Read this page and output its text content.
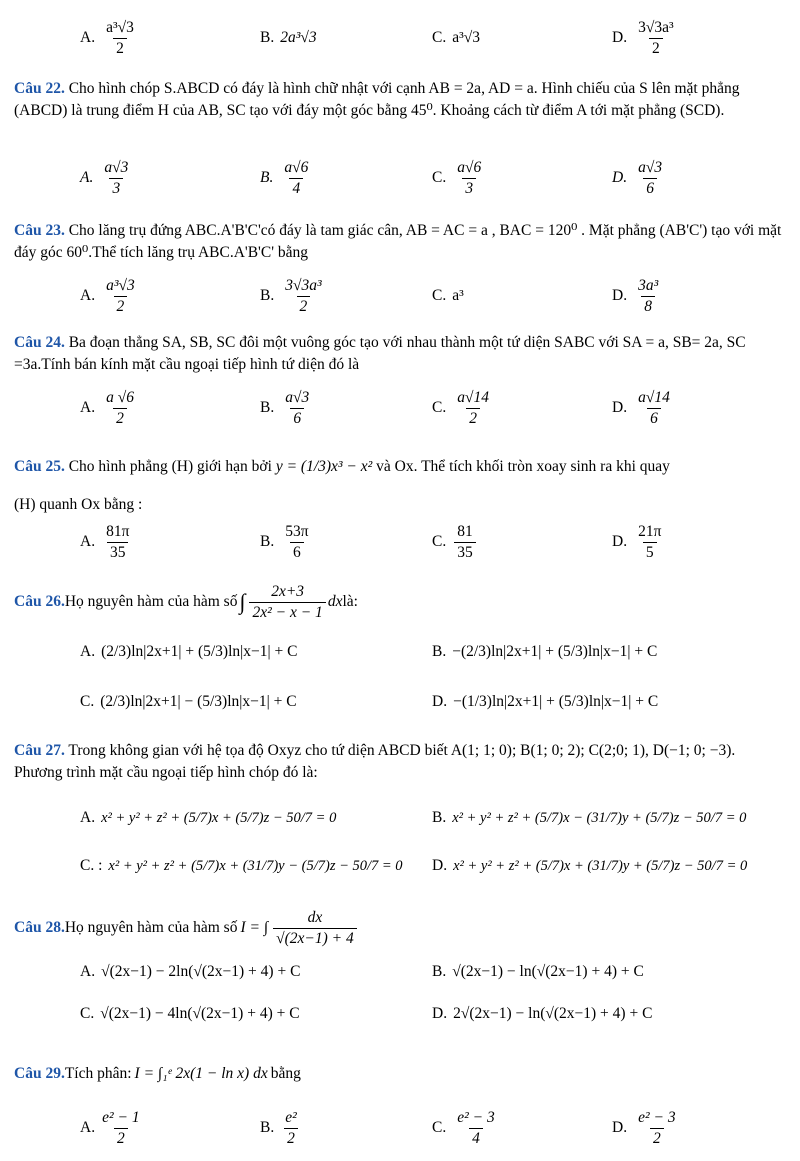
A. $\frac{\text{a³√3}}{2}$	B. 2a³√3	C. a³√3	D. $\frac{\text{3√3a³}}{2}$
Câu 22. Cho hình chóp S.ABCD có đáy là hình chữ nhật với cạnh AB = 2a, AD = a. Hình chiếu của S lên mặt phẳng (ABCD) là trung điểm H của AB, SC tạo với đáy một góc bằng 45⁰. Khoảng cách từ điểm A tới mặt phẳng (SCD).
A. $\frac{a√3}{3}$	B. $\frac{a√6}{4}$	C. $\frac{a√6}{3}$	D. $\frac{a√3}{6}$
Câu 23. Cho lăng trụ đứng ABC.A'B'C'có đáy là tam giác cân, AB = AC = a , BAC = 120⁰ . Mặt phẳng (AB'C') tạo với mặt đáy góc 60⁰.Thể tích lăng trụ ABC.A'B'C' bằng
A. $\frac{\text{a³√3}}{2}$	B. $\frac{\text{3√3a³}}{2}$	C. a³	D. $\frac{\text{3a³}}{8}$
Câu 24. Ba đoạn thẳng SA, SB, SC đôi một vuông góc tạo với nhau thành một tứ diện SABC với SA = a, SB= 2a, SC =3a.Tính bán kính mặt cầu ngoại tiếp hình tứ diện đó là
A. $\frac{a √6}{2}$	B. $\frac{a√3}{6}$	C. $\frac{a√14}{2}$	D. $\frac{a√14}{6}$
Câu 25. Cho hình phẳng (H) giới hạn bởi y = (1/3)x³ − x² và Ox. Thể tích khối tròn xoay sinh ra khi quay
(H) quanh Ox bằng :
A. $\frac{81\pi}{35}$	B. $\frac{53\pi}{6}$	C. $\frac{81}{35}$	D. $\frac{21\pi}{5}$
Câu 26. Họ nguyên hàm của hàm số ∫ $\frac{2x+3}{\text{2x² − x − 1}}$ dx là:
A. (2/3)ln|2x+1| + (5/3)ln|x−1| + C	B. −(2/3)ln|2x+1| + (5/3)ln|x−1| + C
C. (2/3)ln|2x+1| − (5/3)ln|x−1| + C	D. −(1/3)ln|2x+1| + (5/3)ln|x−1| + C
Câu 27. Trong không gian với hệ tọa độ Oxyz cho tứ diện ABCD biết A(1; 1; 0); B(1; 0; 2); C(2;0; 1), D(−1; 0; −3). Phương trình mặt cầu ngoại tiếp hình chóp đó là:
A. x² + y² + z² + (5/7)x + (5/7)z − 50/7 = 0	B. x² + y² + z² + (5/7)x − (31/7)y + (5/7)z − 50/7 = 0
C. : x² + y² + z² + (5/7)x + (31/7)y − (5/7)z − 50/7 = 0 D. x² + y² + z² + (5/7)x + (31/7)y + (5/7)z − 50/7 = 0
Câu 28. Họ nguyên hàm của hàm số I = ∫ $\frac{dx}{√(2x-1) + 4}$
A. √(2x−1) − 2ln(√(2x−1) + 4) + C	B. √(2x−1) − ln(√(2x−1) + 4) + C
C. √(2x−1) − 4ln(√(2x−1) + 4) + C	D. 2√(2x−1) − ln(√(2x−1) + 4) + C
Câu 29. Tích phân: I = ∫₁ᵉ 2x(1 − ln x) dx bằng
A. $\frac{\text{e² − 1}}{2}$	B. $\frac{\text{e²}}{2}$	C. $\frac{\text{e² − 3}}{4}$	D. $\frac{\text{e² − 3}}{2}$
